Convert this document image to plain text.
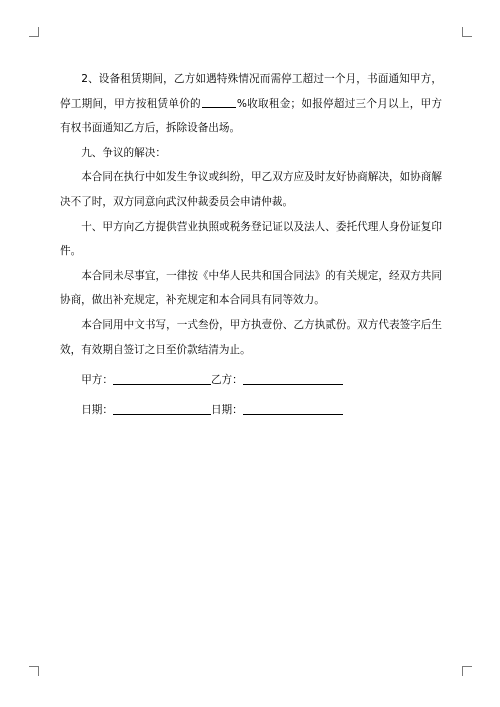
2、设备租赁期间，乙方如遇特殊情况而需停工超过一个月，书面通知甲方，停工期间，甲方按租赁单价的	%收取租金；如报停超过三个月以上，甲方有权书面通知乙方后，拆除设备出场。

九、争议的解决：

本合同在执行中如发生争议或纠纷，甲乙双方应及时友好协商解决，如协商解决不了时，双方同意向武汉仲裁委员会申请仲裁。

十、甲方向乙方提供营业执照或税务登记证以及法人、委托代理人身份证复印件。

本合同未尽事宜，一律按《中华人民共和国合同法》的有关规定，经双方共同协商，做出补充规定，补充规定和本合同具有同等效力。

本合同用中文书写，一式叁份，甲方执壹份、乙方执贰份。双方代表签字后生效，有效期自签订之日至价款结清为止。

甲方：	乙方：

日期：	日期：
